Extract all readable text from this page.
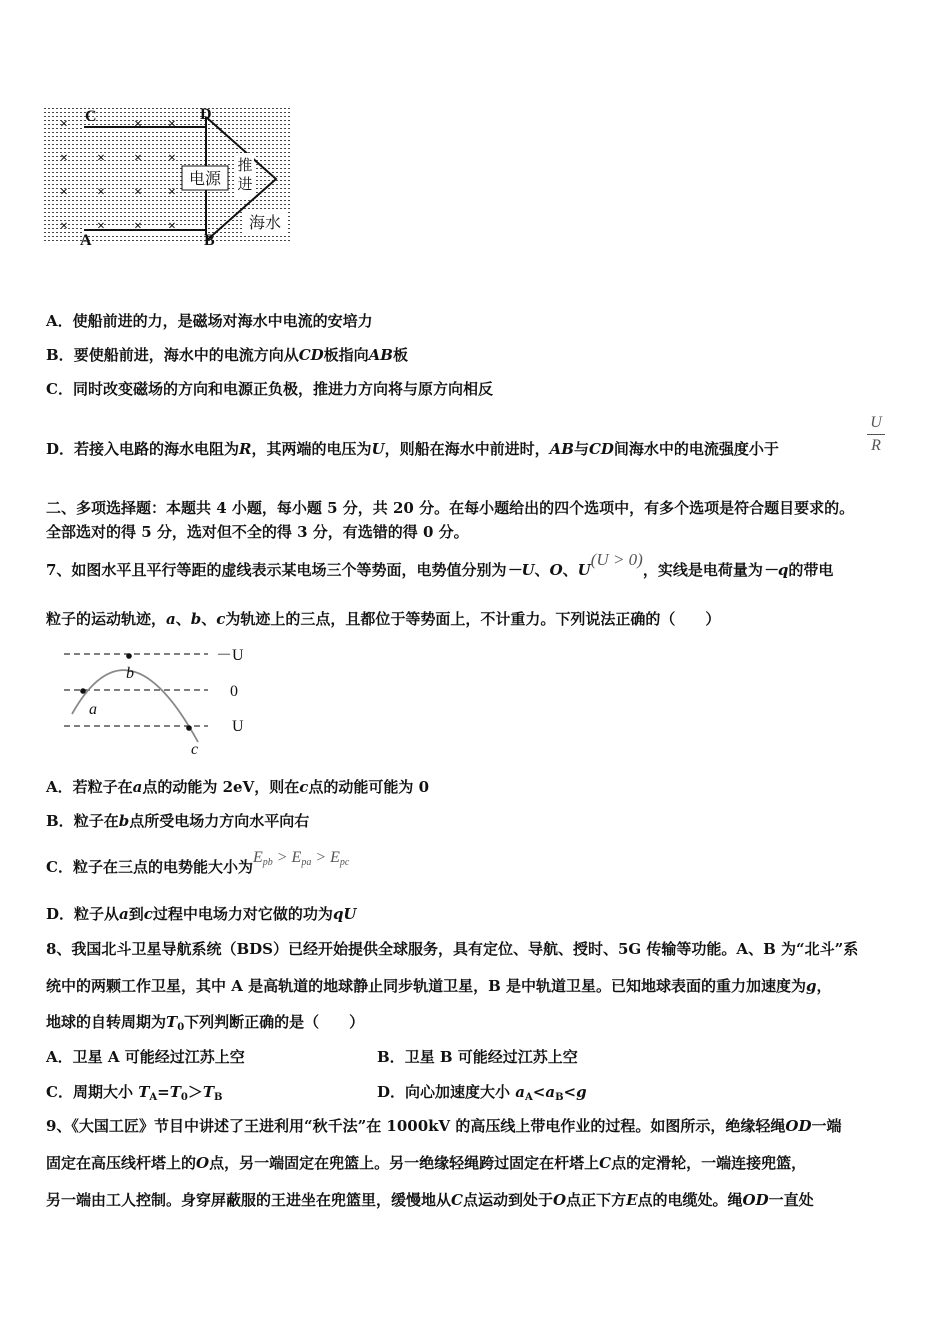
电源
推
进
海水
C	D
A	B
×	× ×
× × × ×
× × × ×
× × × ×
A．使船前进的力，是磁场对海水中电流的安培力
B．要使船前进，海水中的电流方向从CD板指向AB板
C．同时改变磁场的方向和电源正负极，推进力方向将与原方向相反
D．若接入电路的海水电阻为R，其两端的电压为U，则船在海水中前进时，AB与CD间海水中的电流强度小于
U
R
二、多项选择题：本题共 4 小题，每小题 5 分，共 20 分。在每小题给出的四个选项中，有多个选项是符合题目要求的。
全部选对的得 5 分，选对但不全的得 3 分，有选错的得 0 分。
7、如图水平且平行等距的虚线表示某电场三个等势面，电势值分别为－U、O、U(U > 0)，实线是电荷量为－q的带电
粒子的运动轨迹，a、b、c为轨迹上的三点，且都位于等势面上，不计重力。下列说法正确的（　　）
a
b
c
－U
0
U
A．若粒子在a点的动能为 2eV，则在c点的动能可能为 0
B．粒子在b点所受电场力方向水平向右
C．粒子在三点的电势能大小为$E_{pb} > E_{pa} > E_{pc}$
D．粒子从a到c过程中电场力对它做的功为qU
8、我国北斗卫星导航系统（BDS）已经开始提供全球服务，具有定位、导航、授时、5G 传输等功能。A、B 为“北斗”系
统中的两颗工作卫星，其中 A 是高轨道的地球静止同步轨道卫星，B 是中轨道卫星。已知地球表面的重力加速度为g，
地球的自转周期为$T_0$下列判断正确的是（　　）
A．卫星 A 可能经过江苏上空	B．卫星 B 可能经过江苏上空
C．周期大小 $T_A=T_0>T_B$	D．向心加速度大小 $a_A<a_B<g$
9、《大国工匠》节目中讲述了王进利用“秋千法”在 1000kV 的高压线上带电作业的过程。如图所示，绝缘轻绳OD一端
固定在高压线杆塔上的O点，另一端固定在兜篮上。另一绝缘轻绳跨过固定在杆塔上C点的定滑轮，一端连接兜篮，
另一端由工人控制。身穿屏蔽服的王进坐在兜篮里，缓慢地从C点运动到处于O点正下方E点的电缆处。绳OD一直处
